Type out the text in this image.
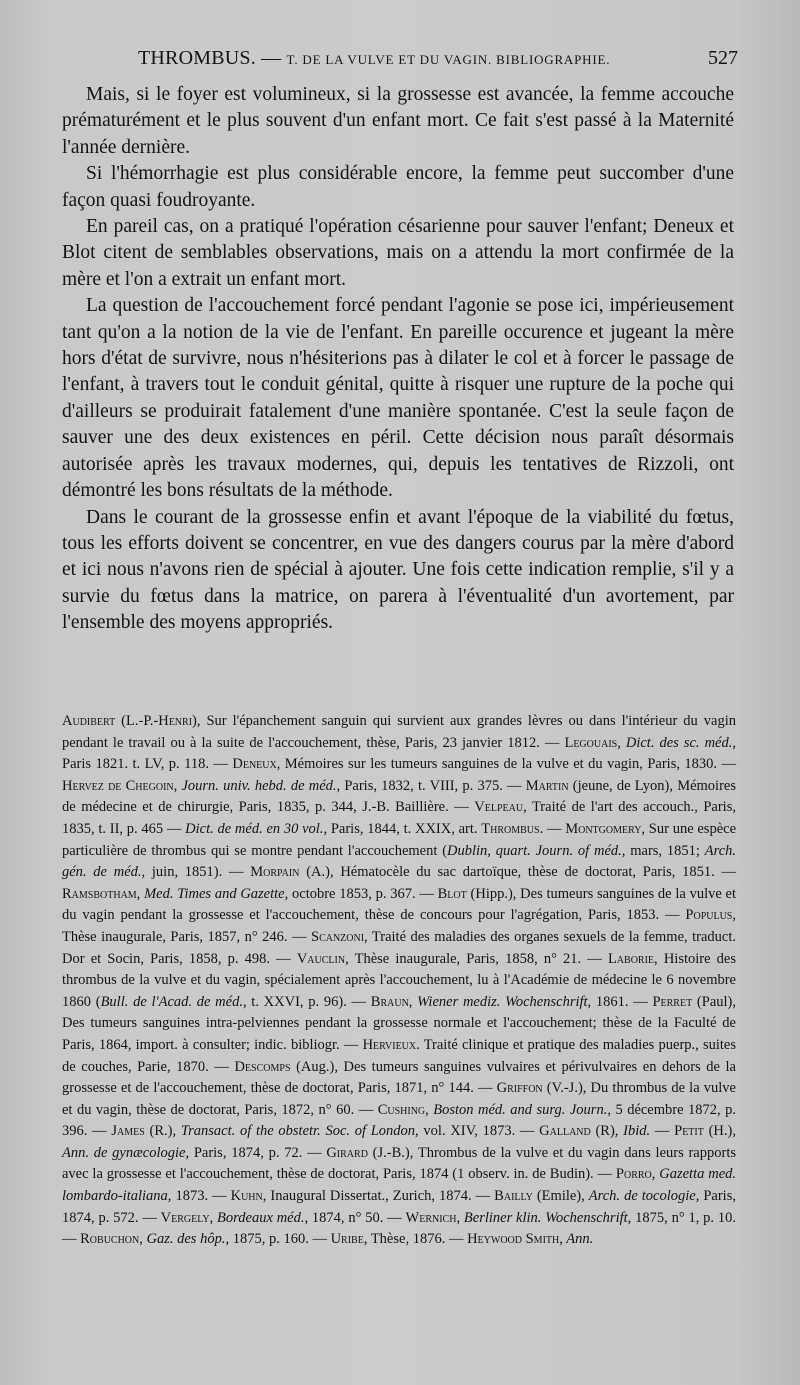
THROMBUS. — T. DE LA VULVE ET DU VAGIN. BIBLIOGRAPHIE.	527

Mais, si le foyer est volumineux, si la grossesse est avancée, la femme accouche prématurément et le plus souvent d'un enfant mort. Ce fait s'est passé à la Maternité l'année dernière.

Si l'hémorrhagie est plus considérable encore, la femme peut succomber d'une façon quasi foudroyante.

En pareil cas, on a pratiqué l'opération césarienne pour sauver l'enfant; Deneux et Blot citent de semblables observations, mais on a attendu la mort confirmée de la mère et l'on a extrait un enfant mort.

La question de l'accouchement forcé pendant l'agonie se pose ici, impérieusement tant qu'on a la notion de la vie de l'enfant. En pareille occurence et jugeant la mère hors d'état de survivre, nous n'hésiterions pas à dilater le col et à forcer le passage de l'enfant, à travers tout le conduit génital, quitte à risquer une rupture de la poche qui d'ailleurs se produirait fatalement d'une manière spontanée. C'est la seule façon de sauver une des deux existences en péril. Cette décision nous paraît désormais autorisée après les travaux modernes, qui, depuis les tentatives de Rizzoli, ont démontré les bons résultats de la méthode.

Dans le courant de la grossesse enfin et avant l'époque de la viabilité du fœtus, tous les efforts doivent se concentrer, en vue des dangers courus par la mère d'abord et ici nous n'avons rien de spécial à ajouter. Une fois cette indication remplie, s'il y a survie du fœtus dans la matrice, on parera à l'éventualité d'un avortement, par l'ensemble des moyens appropriés.

Audibert (L.-P.-Henri), Sur l'épanchement sanguin qui survient aux grandes lèvres ou dans l'intérieur du vagin pendant le travail ou à la suite de l'accouchement, thèse, Paris, 23 janvier 1812. — Legouais, Dict. des sc. méd., Paris 1821. t. LV, p. 118. — Deneux, Mémoires sur les tumeurs sanguines de la vulve et du vagin, Paris, 1830. — Hervez de Chegoin, Journ. univ. hebd. de méd., Paris, 1832, t. VIII, p. 375. — Martin (jeune, de Lyon), Mémoires de médecine et de chirurgie, Paris, 1835, p. 344, J.-B. Baillière. — Velpeau, Traité de l'art des accouch., Paris, 1835, t. II, p. 465 — Dict. de méd. en 30 vol., Paris, 1844, t. XXIX, art. Thrombus. — Montgomery, Sur une espèce particulière de thrombus qui se montre pendant l'accouchement (Dublin, quart. Journ. of méd., mars, 1851; Arch. gén. de méd., juin, 1851). — Morpain (A.), Hématocèle du sac dartoïque, thèse de doctorat, Paris, 1851. — Ramsbotham, Med. Times and Gazette, octobre 1853, p. 367. — Blot (Hipp.), Des tumeurs sanguines de la vulve et du vagin pendant la grossesse et l'accouchement, thèse de concours pour l'agrégation, Paris, 1853. — Populus, Thèse inaugurale, Paris, 1857, n° 246. — Scanzoni, Traité des maladies des organes sexuels de la femme, traduct. Dor et Socin, Paris, 1858, p. 498. — Vauclin, Thèse inaugurale, Paris, 1858, n° 21. — Laborie, Histoire des thrombus de la vulve et du vagin, spécialement après l'accouchement, lu à l'Académie de médecine le 6 novembre 1860 (Bull. de l'Acad. de méd., t. XXVI, p. 96). — Braun, Wiener mediz. Wochenschrift, 1861. — Perret (Paul), Des tumeurs sanguines intra-pelviennes pendant la grossesse normale et l'accouchement; thèse de la Faculté de Paris, 1864, import. à consulter; indic. bibliogr. — Hervieux. Traité clinique et pratique des maladies puerp., suites de couches, Parie, 1870. — Descomps (Aug.), Des tumeurs sanguines vulvaires et périvulvaires en dehors de la grossesse et de l'accouchement, thèse de doctorat, Paris, 1871, n° 144. — Griffon (V.-J.), Du thrombus de la vulve et du vagin, thèse de doctorat, Paris, 1872, n° 60. — Cushing, Boston méd. and surg. Journ., 5 décembre 1872, p. 396. — James (R.), Transact. of the obstetr. Soc. of London, vol. XIV, 1873. — Galland (R), Ibid. — Petit (H.), Ann. de gynæcologie, Paris, 1874, p. 72. — Girard (J.-B.), Thrombus de la vulve et du vagin dans leurs rapports avec la grossesse et l'accouchement, thèse de doctorat, Paris, 1874 (1 observ. in. de Budin). — Porro, Gazetta med. lombardo-italiana, 1873. — Kuhn, Inaugural Dissertat., Zurich, 1874. — Bailly (Emile), Arch. de tocologie, Paris, 1874, p. 572. — Vergely, Bordeaux méd., 1874, n° 50. — Wernich, Berliner klin. Wochenschrift, 1875, n° 1, p. 10. — Robuchon, Gaz. des hôp., 1875, p. 160. — Uribe, Thèse, 1876. — Heywood Smith, Ann.
